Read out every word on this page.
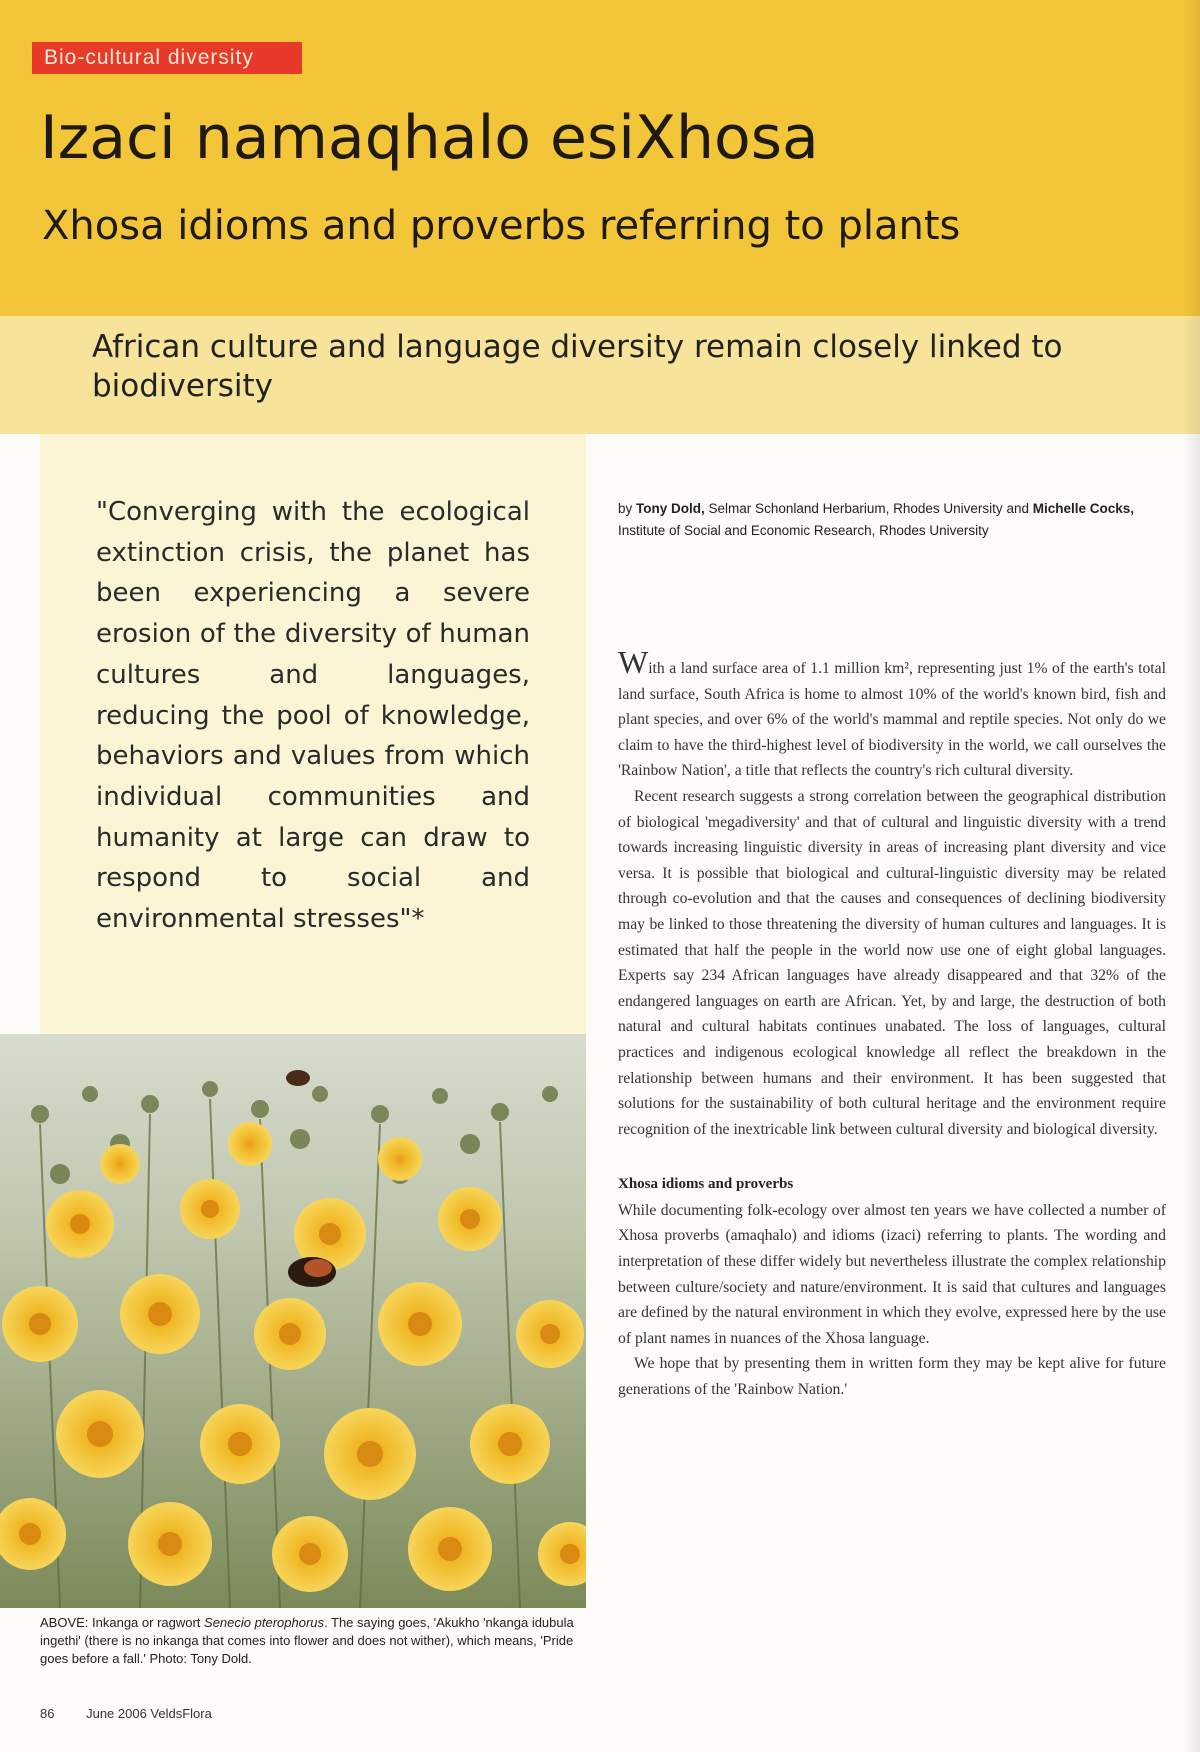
Bio-cultural diversity
Izaci namaqhalo esiXhosa
Xhosa idioms and proverbs referring to plants
African culture and language diversity remain closely linked to biodiversity

"Converging with the ecological extinction crisis, the planet has been experiencing a severe erosion of the diversity of human cultures and languages, reducing the pool of knowledge, behaviors and values from which individual communities and humanity at large can draw to respond to social and environmental stresses"*

ABOVE: Inkanga or ragwort Senecio pterophorus. The saying goes, 'Akukho 'nkanga idubula ingethi' (there is no inkanga that comes into flower and does not wither), which means, 'Pride goes before a fall.' Photo: Tony Dold.

by Tony Dold, Selmar Schonland Herbarium, Rhodes University and Michelle Cocks, Institute of Social and Economic Research, Rhodes University

With a land surface area of 1.1 million km², representing just 1% of the earth's total land surface, South Africa is home to almost 10% of the world's known bird, fish and plant species, and over 6% of the world's mammal and reptile species. Not only do we claim to have the third-highest level of biodiversity in the world, we call ourselves the 'Rainbow Nation', a title that reflects the country's rich cultural diversity.

Recent research suggests a strong correlation between the geographical distribution of biological 'megadiversity' and that of cultural and linguistic diversity with a trend towards increasing linguistic diversity in areas of increasing plant diversity and vice versa. It is possible that biological and cultural-linguistic diversity may be related through co-evolution and that the causes and consequences of declining biodiversity may be linked to those threatening the diversity of human cultures and languages. It is estimated that half the people in the world now use one of eight global languages. Experts say 234 African languages have already disappeared and that 32% of the endangered languages on earth are African. Yet, by and large, the destruction of both natural and cultural habitats continues unabated. The loss of languages, cultural practices and indigenous ecological knowledge all reflect the breakdown in the relationship between humans and their environment. It has been suggested that solutions for the sustainability of both cultural heritage and the environment require recognition of the inextricable link between cultural diversity and biological diversity.

Xhosa idioms and proverbs

While documenting folk-ecology over almost ten years we have collected a number of Xhosa proverbs (amaqhalo) and idioms (izaci) referring to plants. The wording and interpretation of these differ widely but nevertheless illustrate the complex relationship between culture/society and nature/environment. It is said that cultures and languages are defined by the natural environment in which they evolve, expressed here by the use of plant names in nuances of the Xhosa language.

We hope that by presenting them in written form they may be kept alive for future generations of the 'Rainbow Nation.'

86 June 2006 VeldsFlora
